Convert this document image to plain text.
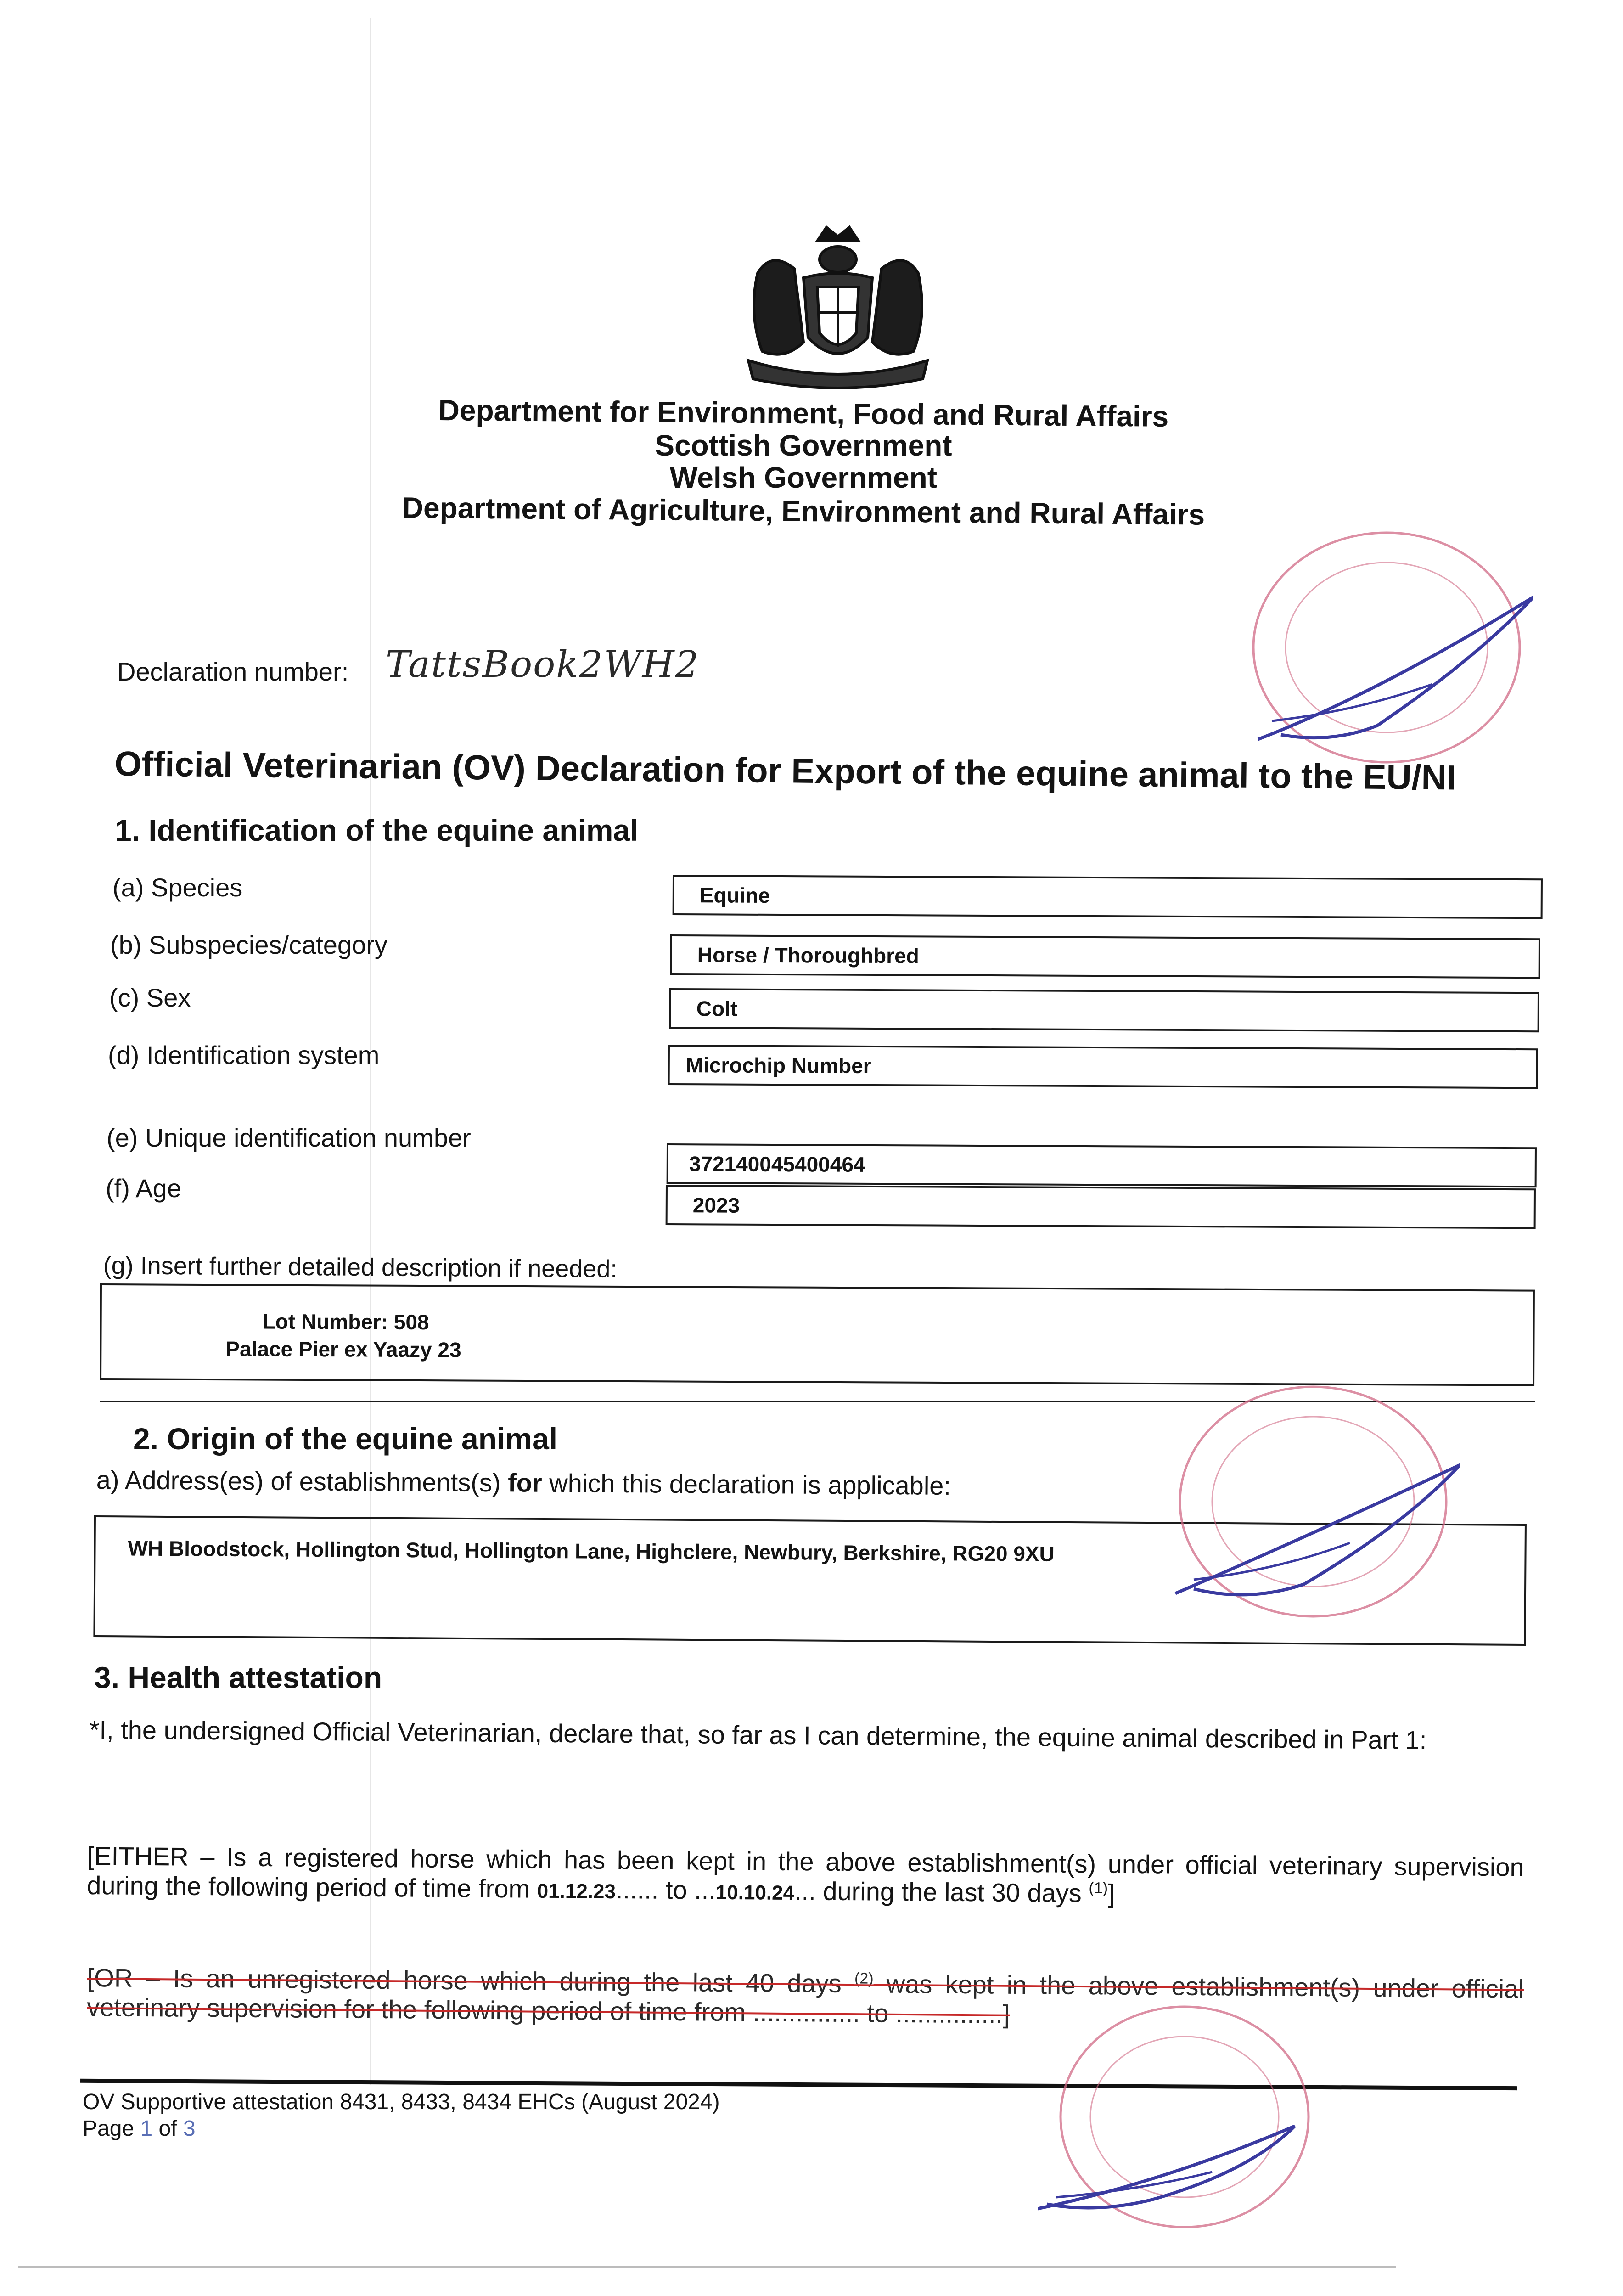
Department for Environment, Food and Rural Affairs
Scottish Government
Welsh Government
Department of Agriculture, Environment and Rural Affairs
Declaration number: TattsBook2WH2
Official Veterinarian (OV) Declaration for Export of the equine animal to the EU/NI
1. Identification of the equine animal
(a) Species	Equine
(b) Subspecies/category	Horse / Thoroughbred
(c) Sex	Colt
(d) Identification system	Microchip Number
(e) Unique identification number
372140045400464
(f) Age
2023
(g) Insert further detailed description if needed:
Lot Number: 508
Palace Pier ex Yaazy 23
2. Origin of the equine animal
a) Address(es) of establishments(s) for which this declaration is applicable:
WH Bloodstock, Hollington Stud, Hollington Lane, Highclere, Newbury, Berkshire, RG20 9XU
3. Health attestation
*I, the undersigned Official Veterinarian, declare that, so far as I can determine, the equine animal described in Part 1:
[EITHER – Is a registered horse which has been kept in the above establishment(s) under official veterinary supervision during the following period of time from 01.12.23...... to ...10.10.24... during the last 30 days $^{(1)}$]
[OR – Is an unregistered horse which during the last 40 days $^{(2)}$ was kept in the above establishment(s) under official veterinary supervision for the following period of time from ............... to ...............]
OV Supportive attestation 8431, 8433, 8434 EHCs (August 2024)
Page 1 of 3
